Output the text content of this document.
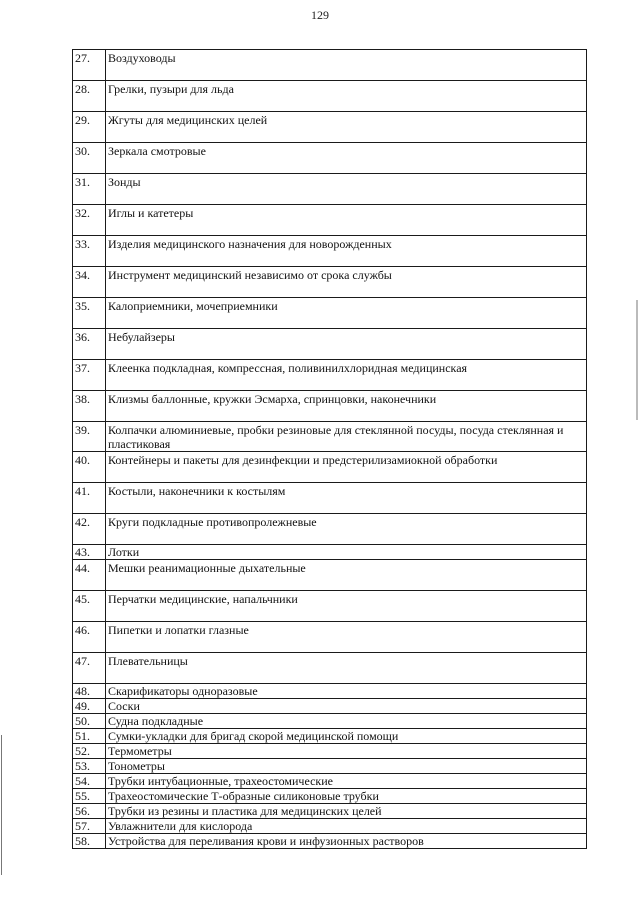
129
27.	Воздуховоды
28.	Грелки, пузыри для льда
29.	Жгуты для медицинских целей
30.	Зеркала смотровые
31.	Зонды
32.	Иглы и катетеры
33.	Изделия медицинского назначения для новорожденных
34.	Инструмент медицинский независимо от срока службы
35.	Калоприемники, мочеприемники
36.	Небулайзеры
37.	Клеенка подкладная, компрессная, поливинилхлоридная медицинская
38.	Клизмы баллонные, кружки Эсмарха, спринцовки, наконечники
39.	Колпачки алюминиевые, пробки резиновые для стеклянной посуды, посуда стеклянная и пластиковая
40.	Контейнеры и пакеты для дезинфекции и предстерилизамиокной обработки
41.	Костыли, наконечники к костылям
42.	Круги подкладные противопролежневые
43.	Лотки
44.	Мешки реанимационные дыхательные
45.	Перчатки медицинские, напальчники
46.	Пипетки и лопатки глазные
47.	Плевательницы
48.	Скарификаторы одноразовые
49.	Соски
50.	Судна подкладные
51.	Сумки-укладки для бригад скорой медицинской помощи
52.	Термометры
53.	Тонометры
54.	Трубки интубационные, трахеостомические
55.	Трахеостомические Т-образные силиконовые трубки
56.	Трубки из резины и пластика для медицинских целей
57.	Увлажнители для кислорода
58.	Устройства для переливания крови и инфузионных растворов
